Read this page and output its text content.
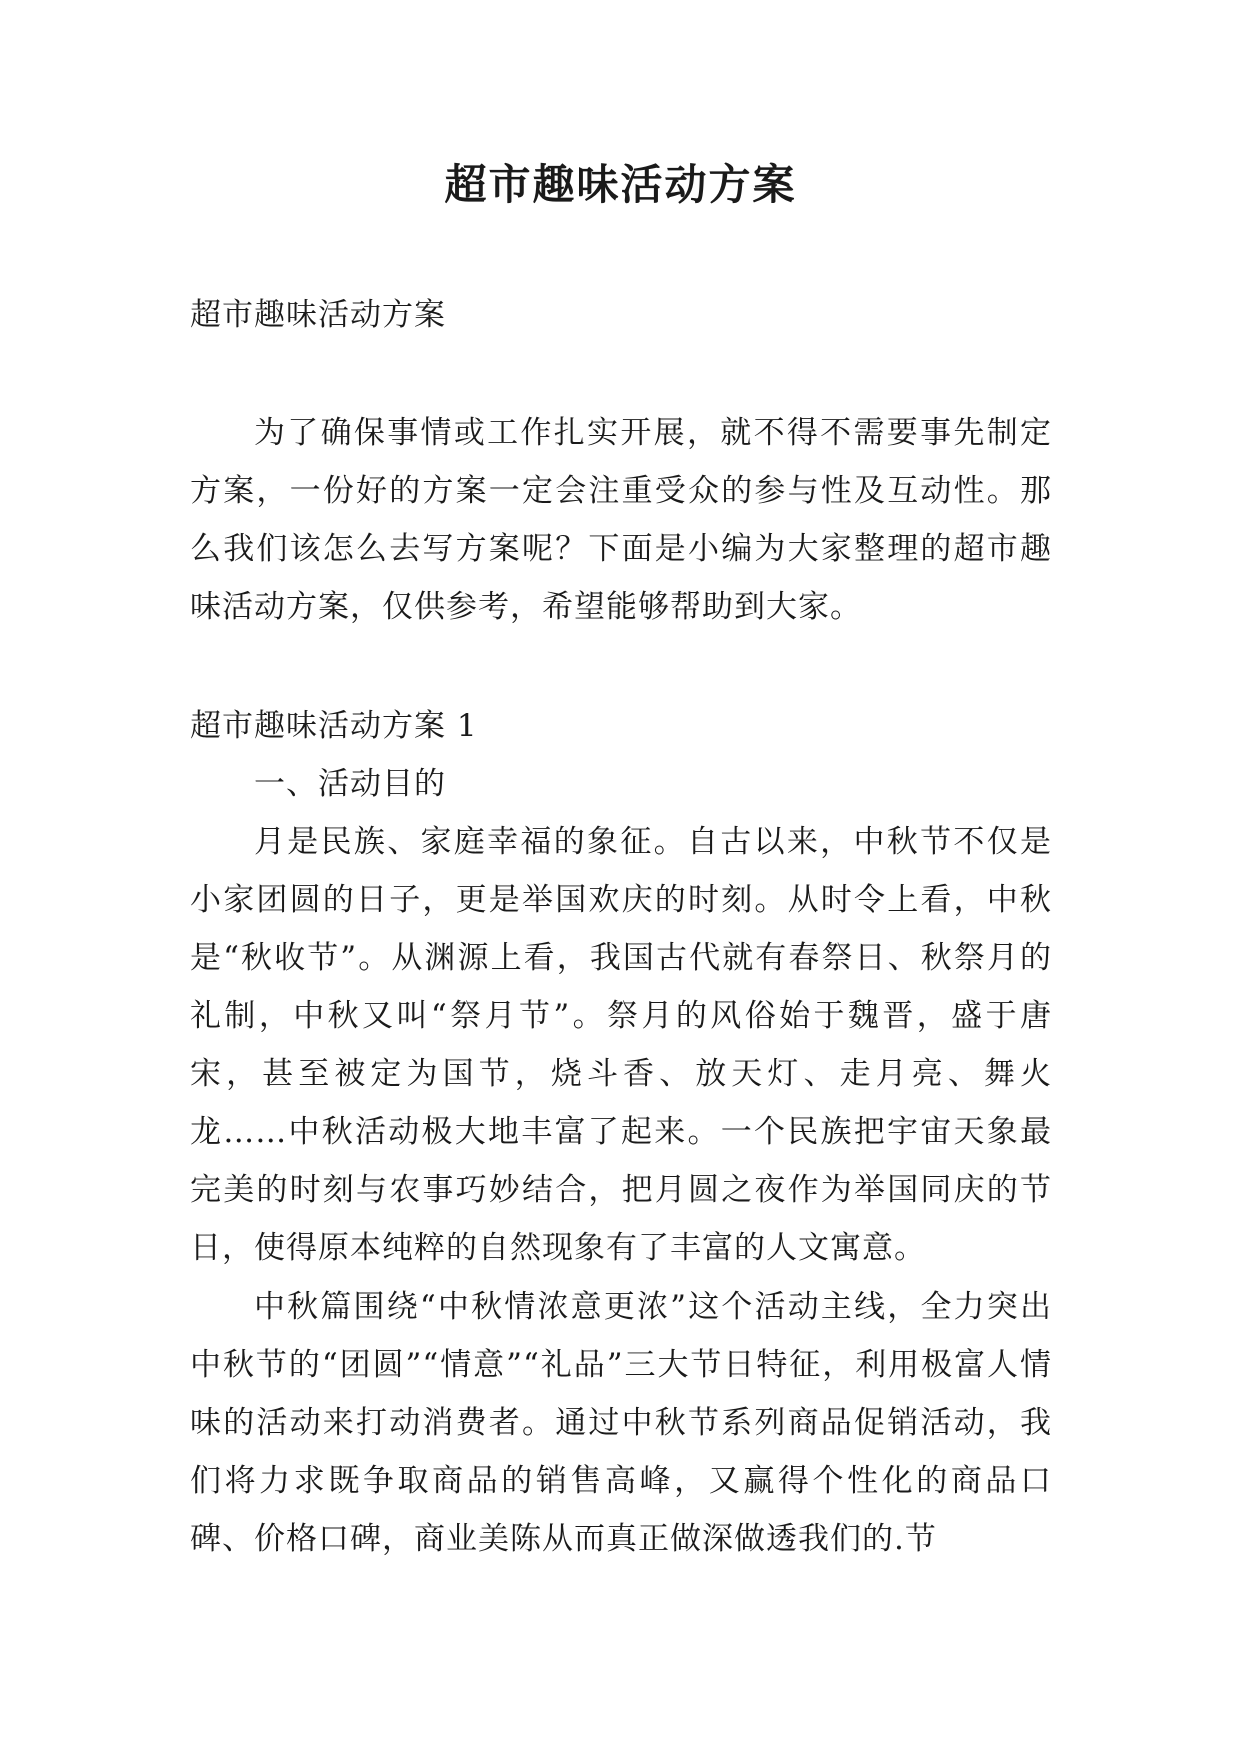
超市趣味活动方案

超市趣味活动方案

为了确保事情或工作扎实开展，就不得不需要事先制定方案，一份好的方案一定会注重受众的参与性及互动性。那么我们该怎么去写方案呢？下面是小编为大家整理的超市趣味活动方案，仅供参考，希望能够帮助到大家。

超市趣味活动方案 1

一、活动目的

月是民族、家庭幸福的象征。自古以来，中秋节不仅是小家团圆的日子，更是举国欢庆的时刻。从时令上看，中秋是“秋收节”。从渊源上看，我国古代就有春祭日、秋祭月的礼制，中秋又叫“祭月节”。祭月的风俗始于魏晋，盛于唐宋，甚至被定为国节，烧斗香、放天灯、走月亮、舞火龙……中秋活动极大地丰富了起来。一个民族把宇宙天象最完美的时刻与农事巧妙结合，把月圆之夜作为举国同庆的节日，使得原本纯粹的自然现象有了丰富的人文寓意。

中秋篇围绕“中秋情浓意更浓”这个活动主线，全力突出中秋节的“团圆”“情意”“礼品”三大节日特征，利用极富人情味的活动来打动消费者。通过中秋节系列商品促销活动，我们将力求既争取商品的销售高峰，又赢得个性化的商品口碑、价格口碑，商业美陈从而真正做深做透我们的.节
